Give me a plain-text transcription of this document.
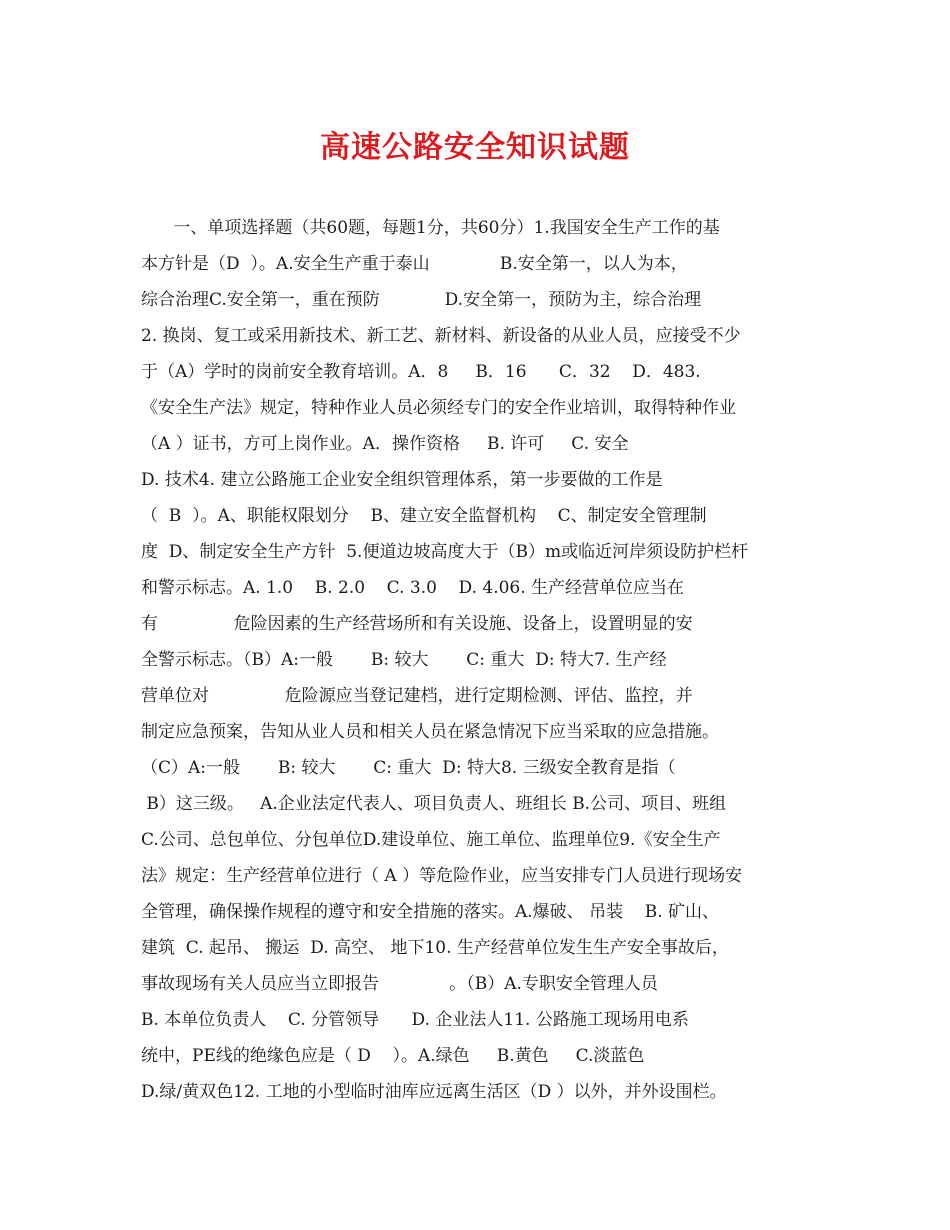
高速公路安全知识试题
一、单项选择题（共60题，每题1分，共60分）1.我国安全生产工作的基
本方针是（D  ）。A.安全生产重于泰山             B.安全第一，以人为本，
综合治理C.安全第一，重在预防            D.安全第一，预防为主，综合治理
2. 换岗、复工或采用新技术、新工艺、新材料、新设备的从业人员，应接受不少
于（A）学时的岗前安全教育培训。A．8     B．16      C．32    D．483.
《安全生产法》规定，特种作业人员必须经专门的安全作业培训，取得特种作业
（A ）证书，方可上岗作业。A．操作资格     B. 许可     C. 安全
D. 技术4. 建立公路施工企业安全组织管理体系，第一步要做的工作是
（  B  ）。A、职能权限划分    B、建立安全监督机构    C、制定安全管理制
度  D、制定安全生产方针  5.便道边坡高度大于（B）m或临近河岸须设防护栏杆
和警示标志。A. 1.0    B. 2.0    C. 3.0    D. 4.06. 生产经营单位应当在
有              危险因素的生产经营场所和有关设施、设备上，设置明显的安
全警示标志。（B）A:一般       B: 较大       C: 重大  D: 特大7. 生产经
营单位对              危险源应当登记建档，进行定期检测、评估、监控，并
制定应急预案，告知从业人员和相关人员在紧急情况下应当采取的应急措施。
（C）A:一般       B: 较大       C: 重大  D: 特大8. 三级安全教育是指（
B）这三级。   A.企业法定代表人、项目负责人、班组长 B.公司、项目、班组
C.公司、总包单位、分包单位D.建设单位、施工单位、监理单位9.《安全生产
法》规定：生产经营单位进行（ A ）等危险作业，应当安排专门人员进行现场安
全管理，确保操作规程的遵守和安全措施的落实。A.爆破、 吊装    B. 矿山、
建筑  C. 起吊、 搬运  D. 高空、 地下10. 生产经营单位发生生产安全事故后，
事故现场有关人员应当立即报告             。（B）A.专职安全管理人员
B. 本单位负责人    C. 分管领导      D. 企业法人11. 公路施工现场用电系
统中，PE线的绝缘色应是（ D    ）。A.绿色     B.黄色     C.淡蓝色
D.绿/黄双色12. 工地的小型临时油库应远离生活区（D ）以外，并外设围栏。
